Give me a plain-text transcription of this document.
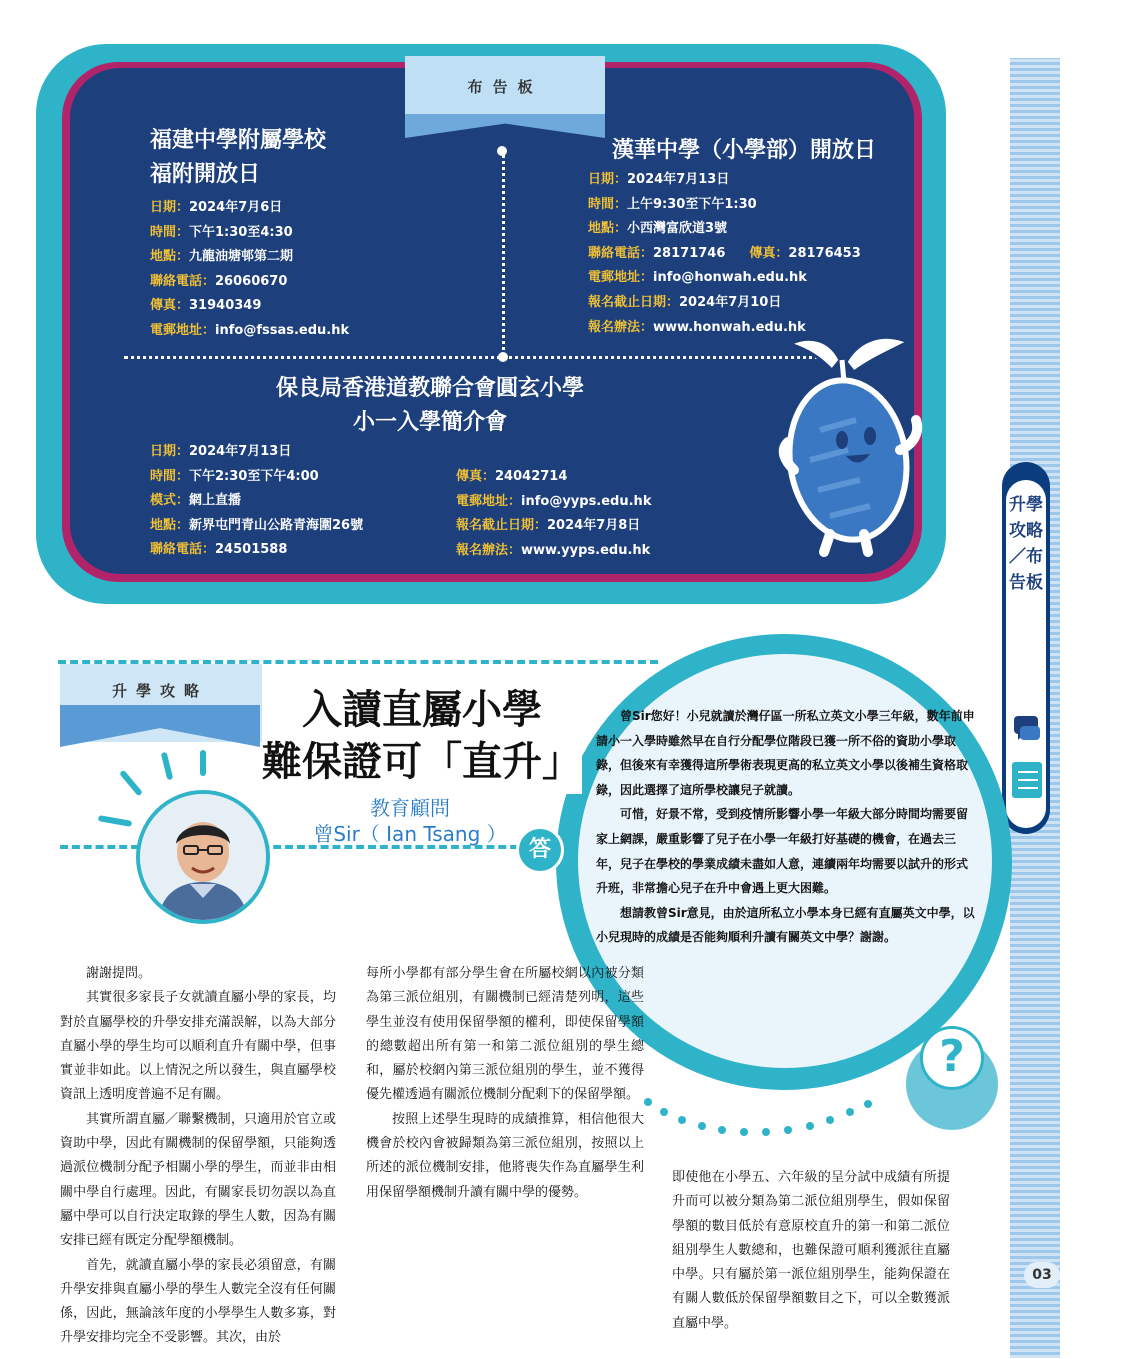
布告板
福建中學附屬學校
福附開放日
日期：2024年7月6日
時間：下午1:30至4:30
地點：九龍油塘邨第二期
聯絡電話：26060670
傳真：31940349
電郵地址：info@fssas.edu.hk
漢華中學（小學部）開放日
日期：2024年7月13日
時間：上午9:30至下午1:30
地點：小西灣富欣道3號
聯絡電話：28171746 傳真：28176453
電郵地址：info@honwah.edu.hk
報名截止日期：2024年7月10日
報名辦法：www.honwah.edu.hk
保良局香港道教聯合會圓玄小學
小一入學簡介會
日期：2024年7月13日
時間：下午2:30至下午4:00
模式：網上直播
地點：新界屯門青山公路青海圍26號
聯絡電話：24501588
傳真：24042714
電郵地址：info@yyps.edu.hk
報名截止日期：2024年7月8日
報名辦法：www.yyps.edu.hk
升學攻略／布告板
03

曾Sir您好！小兒就讀於灣仔區一所私立英文小學三年級，數年前申請小一入學時雖然早在自行分配學位階段已獲一所不俗的資助小學取錄，但後來有幸獲得這所學術表現更高的私立英文小學以後補生資格取錄，因此選擇了這所學校讓兒子就讀。

可惜，好景不常，受到疫情所影響小學一年級大部分時間均需要留家上網課，嚴重影響了兒子在小學一年級打好基礎的機會，在過去三年，兒子在學校的學業成績未盡如人意，連續兩年均需要以試升的形式升班，非常擔心兒子在升中會遇上更大困難。

想請教曾Sir意見，由於這所私立小學本身已經有直屬英文中學，以小兒現時的成績是否能夠順利升讀有關英文中學？謝謝。

?
升學攻略	入讀直屬小學
難保證可「直升」
教育顧問
曾Sir（ Ian Tsang ）
答

謝謝提問。

其實很多家長子女就讀直屬小學的家長，均對於直屬學校的升學安排充滿誤解，以為大部分直屬小學的學生均可以順利直升有關中學，但事實並非如此。以上情況之所以發生，與直屬學校資訊上透明度普遍不足有關。

其實所謂直屬／聯繫機制，只適用於官立或資助中學，因此有關機制的保留學額，只能夠透過派位機制分配予相關小學的學生，而並非由相關中學自行處理。因此，有關家長切勿誤以為直屬中學可以自行決定取錄的學生人數，因為有關安排已經有既定分配學額機制。

首先，就讀直屬小學的家長必須留意，有關升學安排與直屬小學的學生人數完全沒有任何關係，因此，無論該年度的小學學生人數多寡，對升學安排均完全不受影響。其次，由於

每所小學都有部分學生會在所屬校網以內被分類為第三派位組別，有關機制已經清楚列明，這些學生並沒有使用保留學額的權利，即使保留學額的總數超出所有第一和第二派位組別的學生總和，屬於校網內第三派位組別的學生，並不獲得優先權透過有關派位機制分配剩下的保留學額。

按照上述學生現時的成績推算，相信他很大機會於校內會被歸類為第三派位組別，按照以上所述的派位機制安排，他將喪失作為直屬學生利用保留學額機制升讀有關中學的優勢。

即使他在小學五、六年級的呈分試中成績有所提升而可以被分類為第二派位組別學生，假如保留學額的數目低於有意原校直升的第一和第二派位組別學生人數總和，也難保證可順利獲派往直屬中學。只有屬於第一派位組別學生，能夠保證在有關人數低於保留學額數目之下，可以全數獲派直屬中學。
